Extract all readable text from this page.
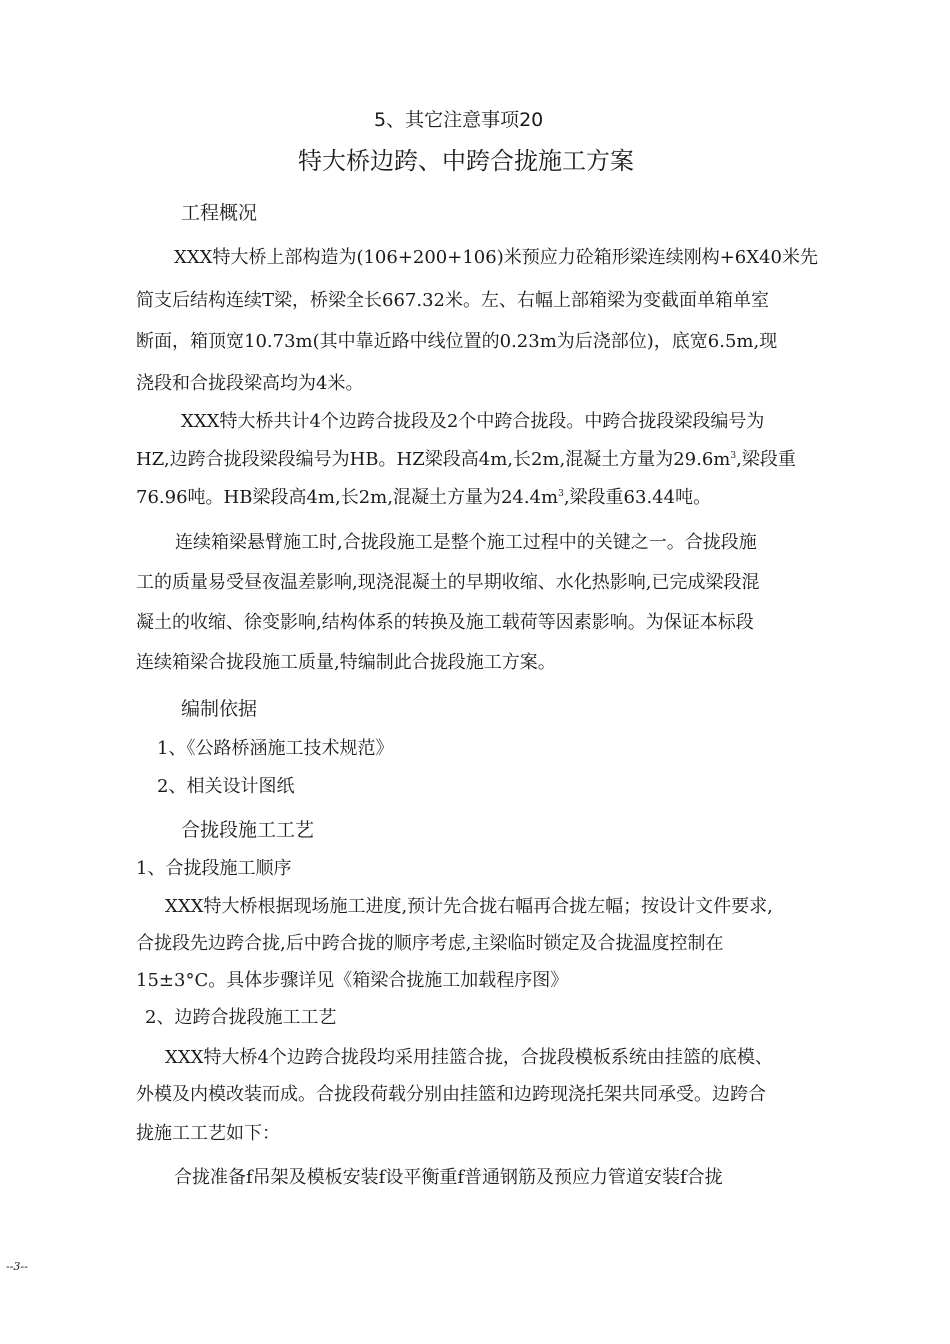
5、其它注意事项20
特大桥边跨、中跨合拢施工方案
工程概况
XXX特大桥上部构造为(106+200+106)米预应力砼箱形梁连续刚构+6X40米先
简支后结构连续T梁，桥梁全长667.32米。左、右幅上部箱梁为变截面单箱单室
断面，箱顶宽10.73m(其中靠近路中线位置的0.23m为后浇部位)，底宽6.5m,现
浇段和合拢段梁高均为4米。
XXX特大桥共计4个边跨合拢段及2个中跨合拢段。中跨合拢段梁段编号为
HZ,边跨合拢段梁段编号为HB。HZ梁段高4m,长2m,混凝土方量为$29.6m^3$,梁段重
76.96吨。HB梁段高4m,长2m,混凝土方量为$24.4m^3$,梁段重63.44吨。
连续箱梁悬臂施工时,合拢段施工是整个施工过程中的关键之一。合拢段施
工的质量易受昼夜温差影响,现浇混凝土的早期收缩、水化热影响,已完成梁段混
凝土的收缩、徐变影响,结构体系的转换及施工载荷等因素影响。为保证本标段
连续箱梁合拢段施工质量,特编制此合拢段施工方案。
编制依据
1、《公路桥涵施工技术规范》
2、相关设计图纸
合拢段施工工艺
1、合拢段施工顺序
XXX特大桥根据现场施工进度,预计先合拢右幅再合拢左幅；按设计文件要求,
合拢段先边跨合拢,后中跨合拢的顺序考虑,主梁临时锁定及合拢温度控制在
15±3°C。具体步骤详见《箱梁合拢施工加载程序图》
2、边跨合拢段施工工艺
XXX特大桥4个边跨合拢段均采用挂篮合拢，合拢段模板系统由挂篮的底模、
外模及内模改装而成。合拢段荷载分别由挂篮和边跨现浇托架共同承受。边跨合
拢施工工艺如下：
合拢准备f吊架及模板安装f设平衡重f普通钢筋及预应力管道安装f合拢
--3--
